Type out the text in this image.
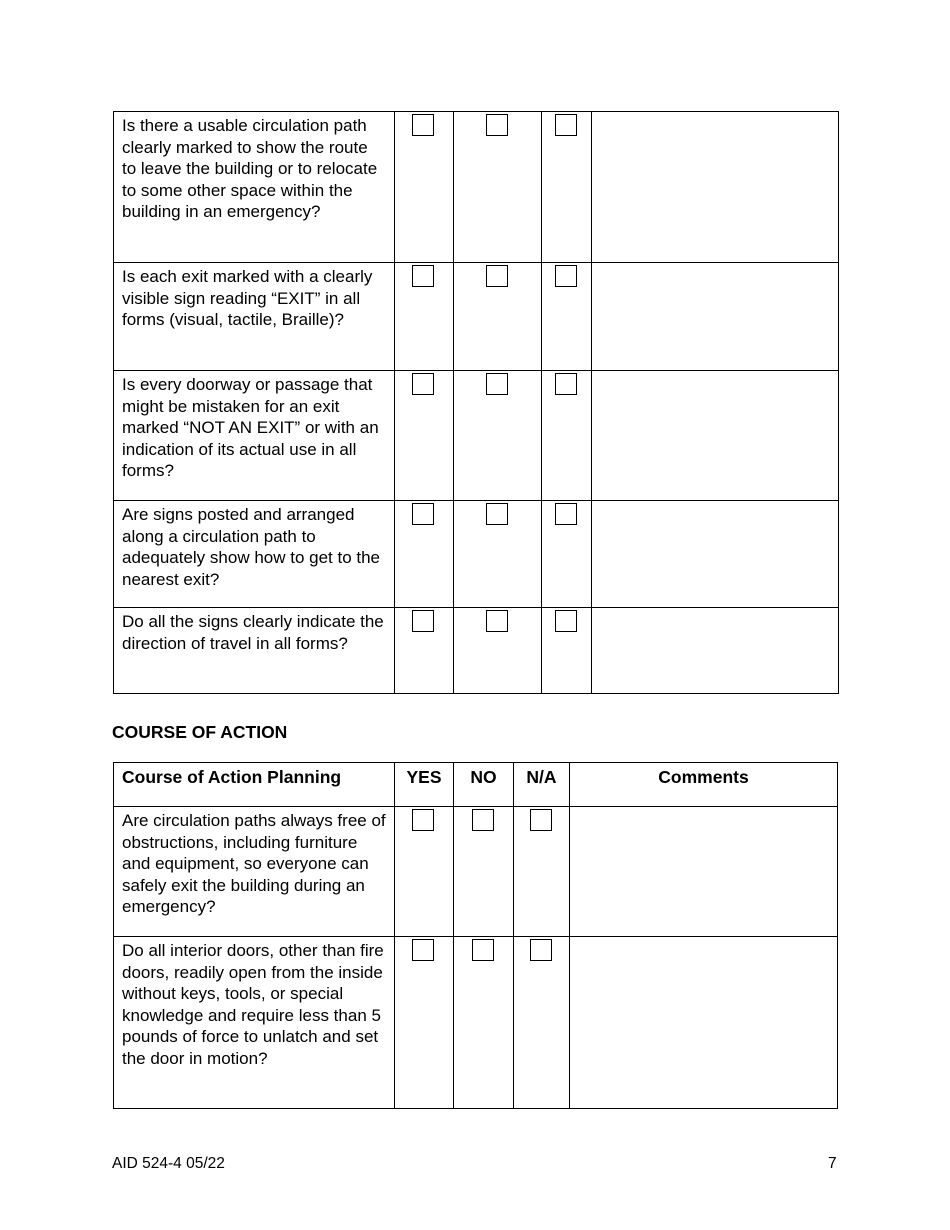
Is there a usable circulation path clearly marked to show the route to leave the building or to relocate to some other space within the building in an emergency?	

Is each exit marked with a clearly visible sign reading “EXIT” in all forms (visual, tactile, Braille)?	

Is every doorway or passage that might be mistaken for an exit marked “NOT AN EXIT” or with an indication of its actual use in all forms?	

Are signs posted and arranged along a circulation path to adequately show how to get to the nearest exit?	

Do all the signs clearly indicate the direction of travel in all forms?	

COURSE OF ACTION
Course of Action Planning	YES	NO	N/A	Comments
Are circulation paths always free of obstructions, including furniture and equipment, so everyone can safely exit the building during an emergency?	

Do all interior doors, other than fire doors, readily open from the inside without keys, tools, or special knowledge and require less than 5 pounds of force to unlatch and set the door in motion?	

AID 524-4 05/22	7
